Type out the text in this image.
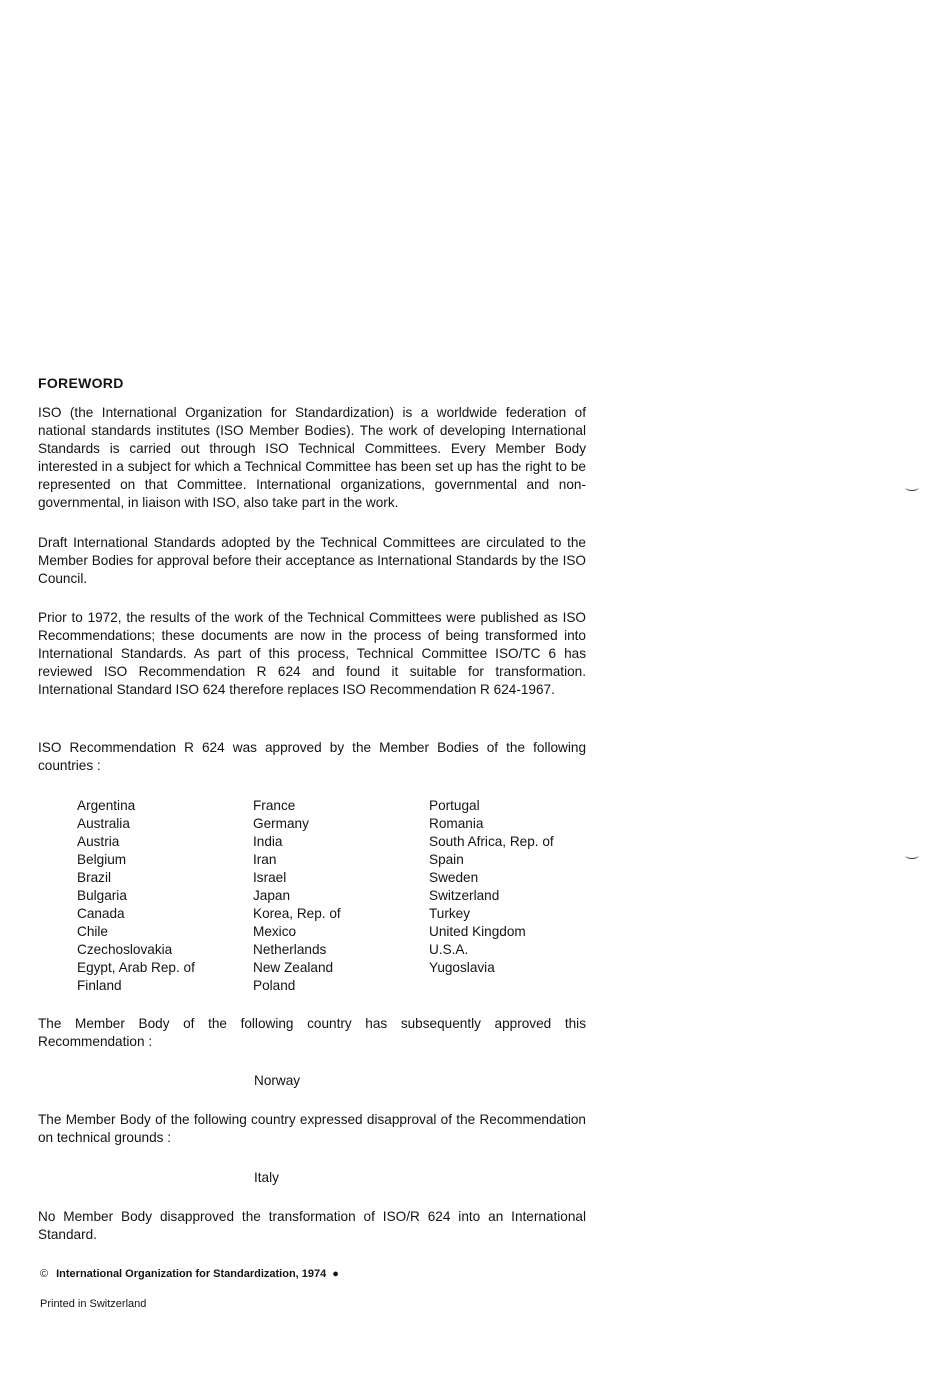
FOREWORD

ISO (the International Organization for Standardization) is a worldwide federation of national standards institutes (ISO Member Bodies). The work of developing International Standards is carried out through ISO Technical Committees. Every Member Body interested in a subject for which a Technical Committee has been set up has the right to be represented on that Committee. International organizations, governmental and non-governmental, in liaison with ISO, also take part in the work.

Draft International Standards adopted by the Technical Committees are circulated to the Member Bodies for approval before their acceptance as International Standards by the ISO Council.

Prior to 1972, the results of the work of the Technical Committees were published as ISO Recommendations; these documents are now in the process of being transformed into International Standards. As part of this process, Technical Committee ISO/TC 6 has reviewed ISO Recommendation R 624 and found it suitable for transformation. International Standard ISO 624 therefore replaces ISO Recommendation R 624-1967.

ISO Recommendation R 624 was approved by the Member Bodies of the following countries :

Argentina
Australia
Austria
Belgium
Brazil
Bulgaria
Canada
Chile
Czechoslovakia
Egypt, Arab Rep. of
Finland
France
Germany
India
Iran
Israel
Japan
Korea, Rep. of
Mexico
Netherlands
New Zealand
Poland
Portugal
Romania
South Africa, Rep. of
Spain
Sweden
Switzerland
Turkey
United Kingdom
U.S.A.
Yugoslavia

The Member Body of the following country has subsequently approved this Recommendation :

Norway

The Member Body of the following country expressed disapproval of the Recommendation on technical grounds :

Italy

No Member Body disapproved the transformation of ISO/R 624 into an International Standard.

© International Organization for Standardization, 1974 ●
Printed in Switzerland
